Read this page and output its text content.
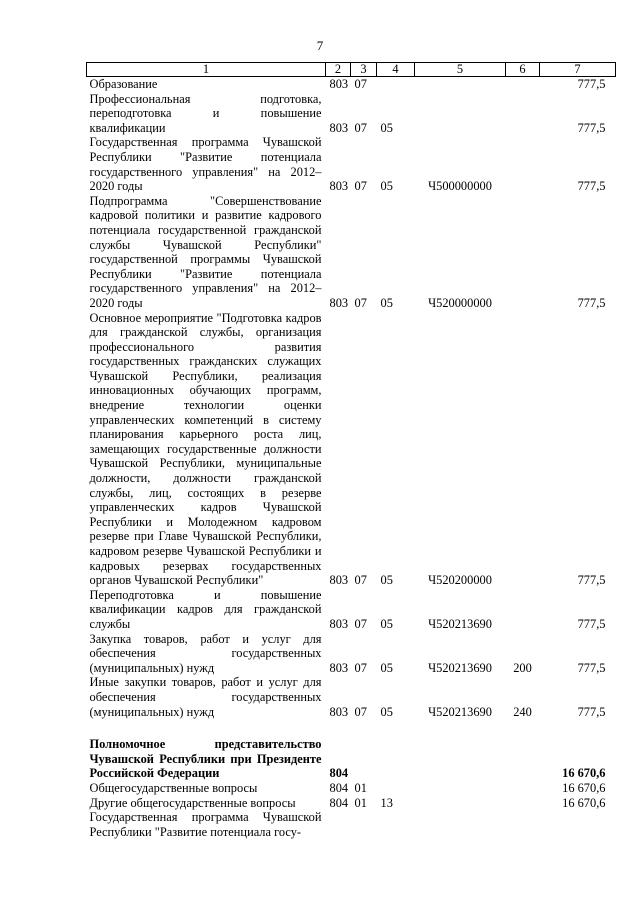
7
1	2	3	4	5	6	7
Образование	803	07				777,5
Профессиональная подготовка, переподготовка и повышение квалификации	803	07	05			777,5
Государственная программа Чувашской Республики "Развитие потенциала государственного управления" на 2012–2020 годы	803	07	05	Ч500000000		777,5
Подпрограмма "Совершенствование кадровой политики и развитие кадрового потенциала государственной гражданской службы Чувашской Республики" государственной программы Чувашской Республики "Развитие потенциала государственного управления" на 2012–2020 годы	803	07	05	Ч520000000		777,5
Основное мероприятие "Подготовка кадров для гражданской службы, организация профессионального развития государственных гражданских служащих Чувашской Республики, реализация инновационных обучающих программ, внедрение технологии оценки управленческих компетенций в систему планирования карьерного роста лиц, замещающих государственные должности Чувашской Республики, муниципальные должности, должности гражданской службы, лиц, состоящих в резерве управленческих кадров Чувашской Республики и Молодежном кадровом резерве при Главе Чувашской Республики, кадровом резерве Чувашской Республики и кадровых резервах государственных органов Чувашской Республики"	803	07	05	Ч520200000		777,5
Переподготовка и повышение квалификации кадров для гражданской службы	803	07	05	Ч520213690		777,5
Закупка товаров, работ и услуг для обеспечения государственных (муниципальных) нужд	803	07	05	Ч520213690	200	777,5
Иные закупки товаров, работ и услуг для обеспечения государственных (муниципальных) нужд	803	07	05	Ч520213690	240	777,5

Полномочное представительство Чувашской Республики при Президенте Российской Федерации	804					16 670,6
Общегосударственные вопросы	804	01				16 670,6
Другие общегосударственные вопросы	804	01	13			16 670,6
Государственная программа Чувашской Республики "Развитие потенциала госу-						
